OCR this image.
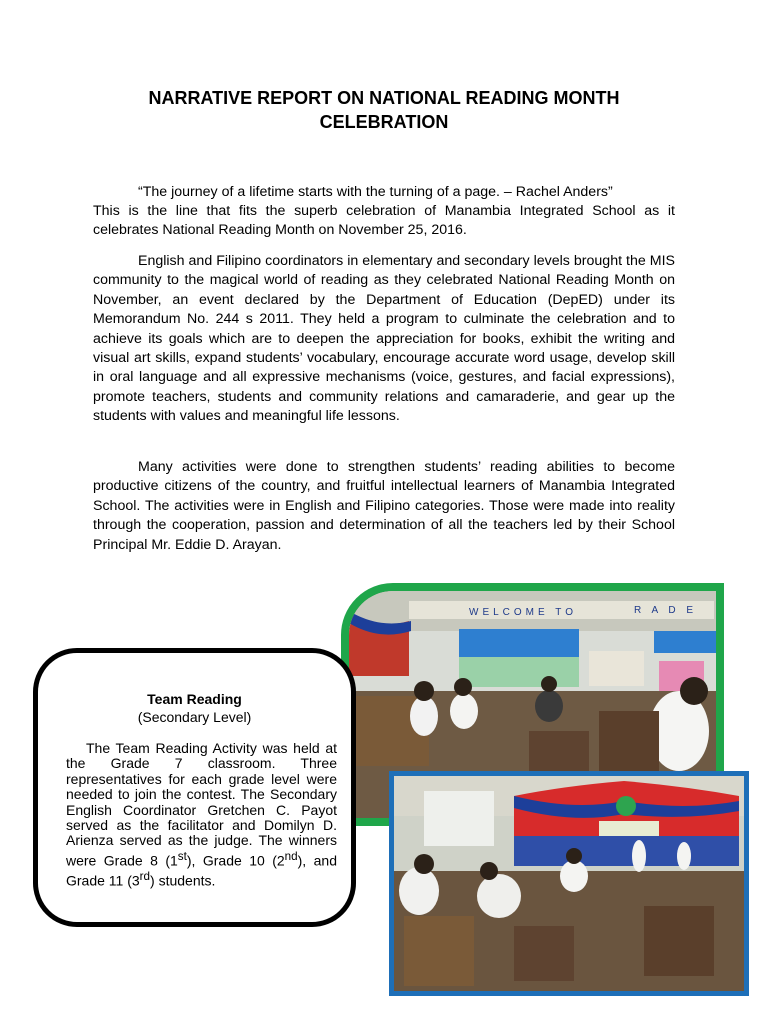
NARRATIVE REPORT ON NATIONAL READING MONTH CELEBRATION
“The journey of a lifetime starts with the turning of a page. – Rachel Anders”
This is the line that fits the superb celebration of Manambia Integrated School as it celebrates National Reading Month on November 25, 2016.

English and Filipino coordinators in elementary and secondary levels brought the MIS community to the magical world of reading as they celebrated National Reading Month on November, an event declared by the Department of Education (DepED) under its Memorandum No. 244 s 2011. They held a program to culminate the celebration and to achieve its goals which are to deepen the appreciation for books, exhibit the writing and visual art skills, expand students’ vocabulary, encourage accurate word usage, develop skill in oral language and all expressive mechanisms (voice, gestures, and facial expressions), promote teachers, students and community relations and camaraderie, and gear up the students with values and meaningful life lessons.

Many activities were done to strengthen students’ reading abilities to become productive citizens of the country, and fruitful intellectual learners of Manambia Integrated School. The activities were in English and Filipino categories. Those were made into reality through the cooperation, passion and determination of all the teachers led by their School Principal Mr. Eddie D. Arayan.

WELCOME TO	R A D E
Team Reading
(Secondary Level)

The Team Reading Activity was held at the Grade 7 classroom. Three representatives for each grade level were needed to join the contest. The Secondary English Coordinator Gretchen C. Payot served as the facilitator and Domilyn D. Arienza served as the judge. The winners were Grade 8 (1st), Grade 10 (2nd), and Grade 11 (3rd) students.
